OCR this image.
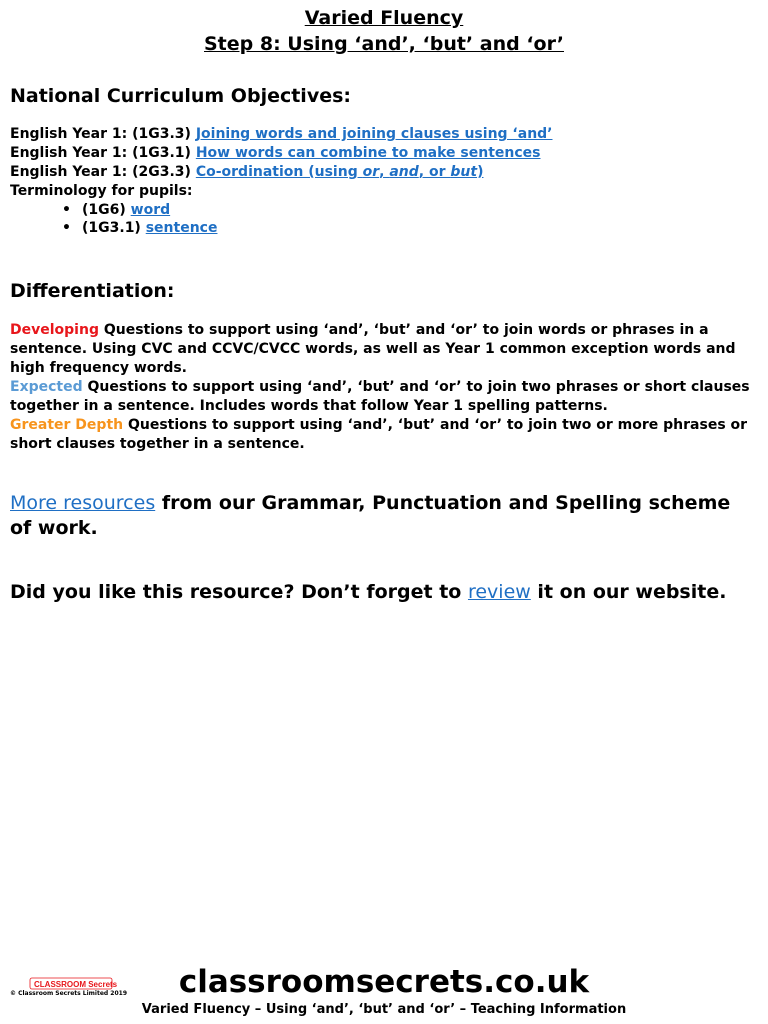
Varied Fluency
Step 8: Using ‘and’, ‘but’ and ‘or’
National Curriculum Objectives:
English Year 1: (1G3.3) Joining words and joining clauses using ‘and’
English Year 1: (1G3.1) How words can combine to make sentences
English Year 1: (2G3.3) Co-ordination (using or, and, or but)
Terminology for pupils:
• (1G6) word
• (1G3.1) sentence
Differentiation:
Developing Questions to support using ‘and’, ‘but’ and ‘or’ to join words or phrases in a sentence. Using CVC and CCVC/CVCC words, as well as Year 1 common exception words and high frequency words.
Expected Questions to support using ‘and’, ‘but’ and ‘or’ to join two phrases or short clauses together in a sentence. Includes words that follow Year 1 spelling patterns.
Greater Depth Questions to support using ‘and’, ‘but’ and ‘or’ to join two or more phrases or short clauses together in a sentence.
More resources from our Grammar, Punctuation and Spelling scheme of work.
Did you like this resource? Don’t forget to review it on our website.
CLASSROOM Secrets
© Classroom Secrets Limited 2019	classroomsecrets.co.uk
Varied Fluency – Using ‘and’, ‘but’ and ‘or’ – Teaching Information
